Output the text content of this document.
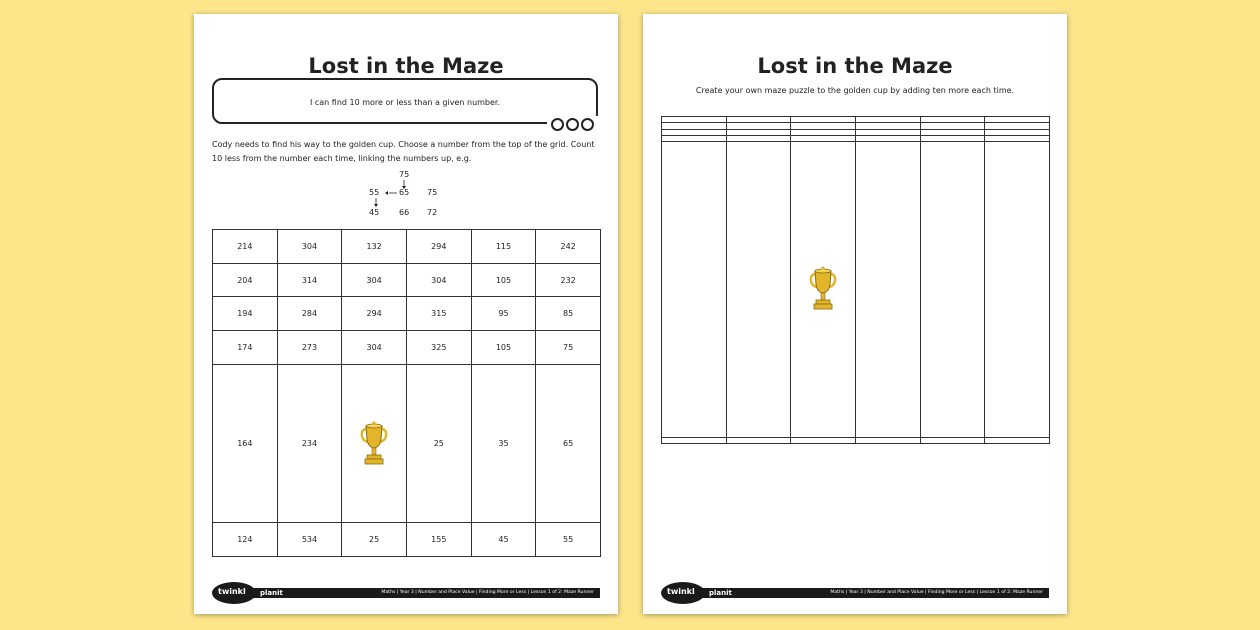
Lost in the Maze
I can find 10 more or less than a given number.
Cody needs to find his way to the golden cup. Choose a number from the top of the grid. Count 10 less from the number each time, linking the numbers up, e.g.
75
55 65 75
45 66 72
214	304	132	294	115	242
204	314	304	304	105	232
194	284	294	315	95	85
174	273	304	325	105	75
164	234		25	35	65
124	534	25	155	45	55
planit	Maths | Year 3 | Number and Place Value | Finding More or Less | Lesson 1 of 2: Maze Runner
twinkl
Lost in the Maze
Create your own maze puzzle to the golden cup by adding ten more each time.

planit	Maths | Year 3 | Number and Place Value | Finding More or Less | Lesson 1 of 2: Maze Runner
twinkl
